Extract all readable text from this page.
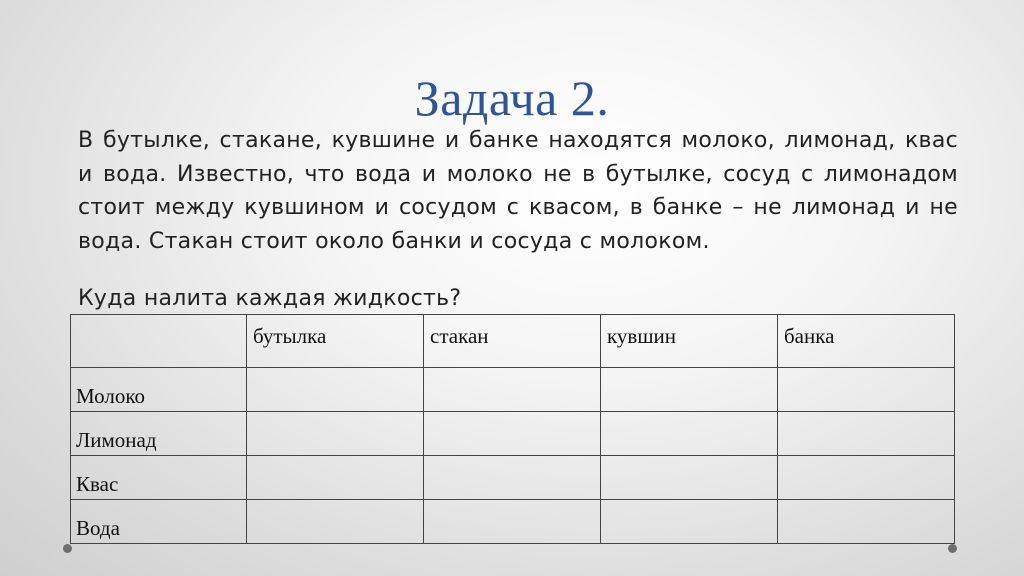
Задача 2.

В бутылке, стакане, кувшине и банке находятся молоко, лимонад, квас и вода. Известно, что вода и молоко не в бутылке, сосуд с лимонадом стоит между кувшином и сосудом с квасом, в банке – не лимонад и не вода. Стакан стоит около банки и сосуда с молоком.

Куда налита каждая жидкость?

	бутылка	стакан	кувшин	банка
Молоко				
Лимонад				
Квас				
Вода				
